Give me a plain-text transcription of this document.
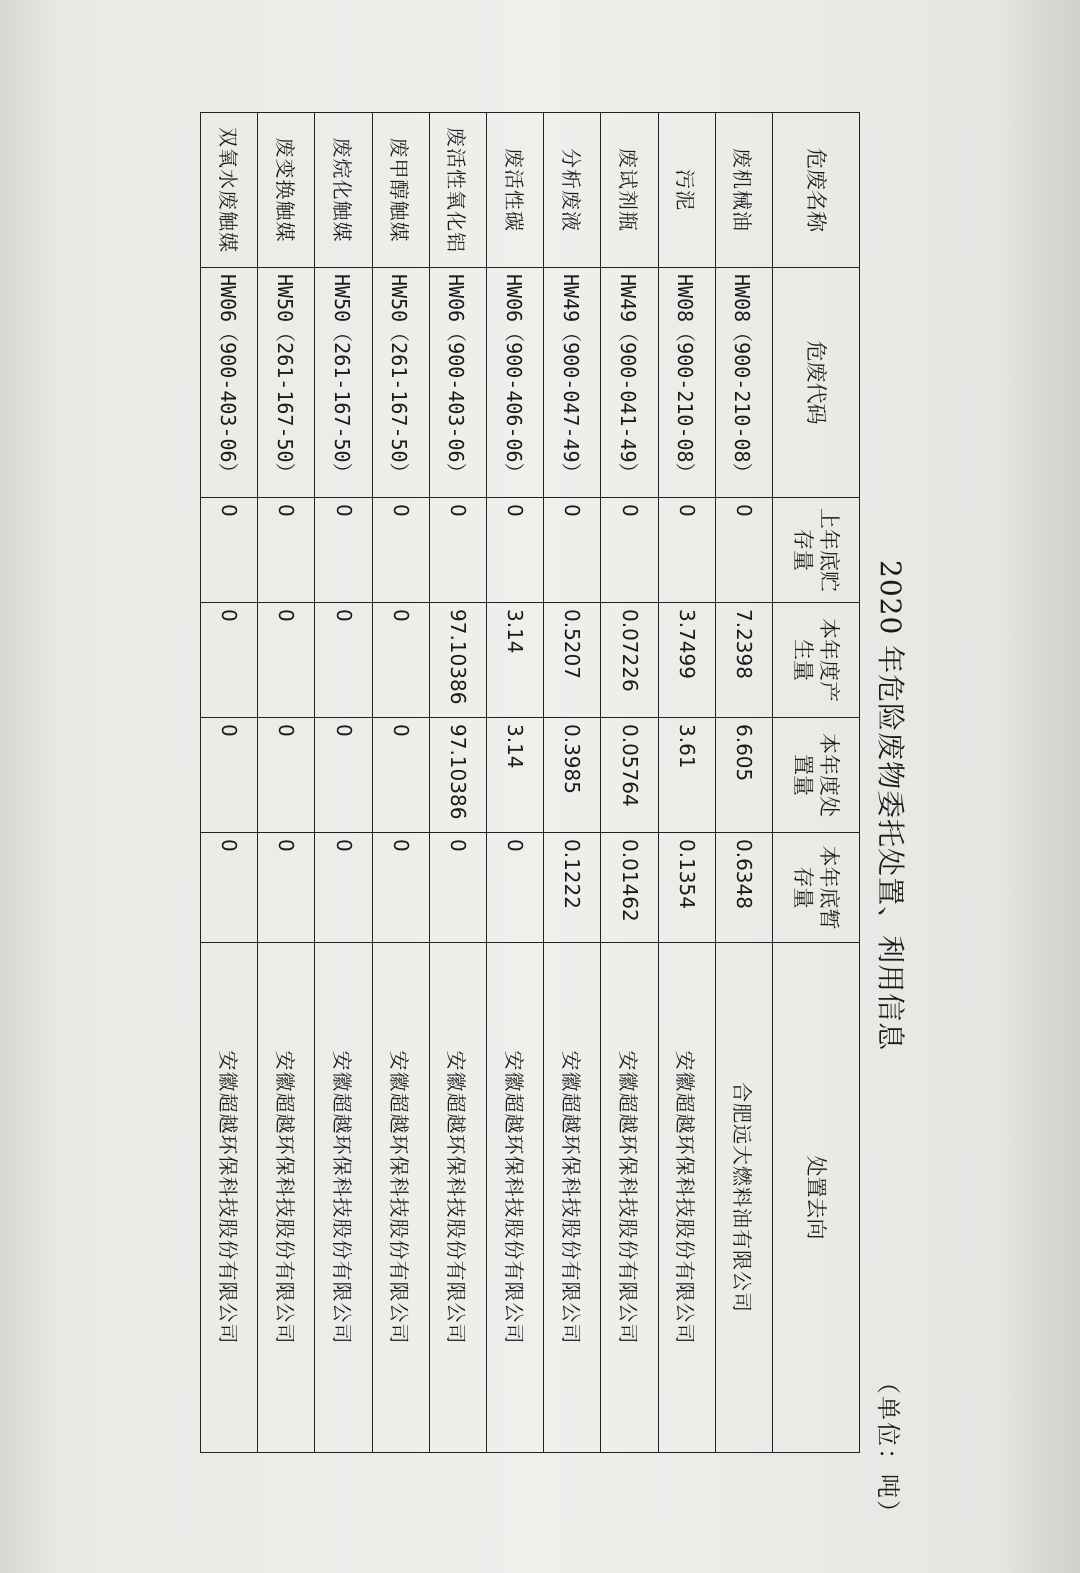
2020 年危险废物委托处置、利用信息
（单位：吨）
危废名称	危废代码	上年底贮存量	本年度产生量	本年度处置量	本年底暂存量	处置去向
废机械油	HW08（900-210-08）	0	7.2398	6.605	0.6348	合肥远大燃料油有限公司
污泥	HW08（900-210-08）	0	3.7499	3.61	0.1354	安徽超越环保科技股份有限公司
废试剂瓶	HW49（900-041-49）	0	0.07226	0.05764	0.01462	安徽超越环保科技股份有限公司
分析废液	HW49（900-047-49）	0	0.5207	0.3985	0.1222	安徽超越环保科技股份有限公司
废活性碳	HW06（900-406-06）	0	3.14	3.14	0	安徽超越环保科技股份有限公司
废活性氧化铝	HW06（900-403-06）	0	97.10386	97.10386	0	安徽超越环保科技股份有限公司
废甲醇触媒	HW50（261-167-50）	0	0	0	0	安徽超越环保科技股份有限公司
废烷化触媒	HW50（261-167-50）	0	0	0	0	安徽超越环保科技股份有限公司
废变换触媒	HW50（261-167-50）	0	0	0	0	安徽超越环保科技股份有限公司
双氧水废触媒	HW06（900-403-06）	0	0	0	0	安徽超越环保科技股份有限公司
